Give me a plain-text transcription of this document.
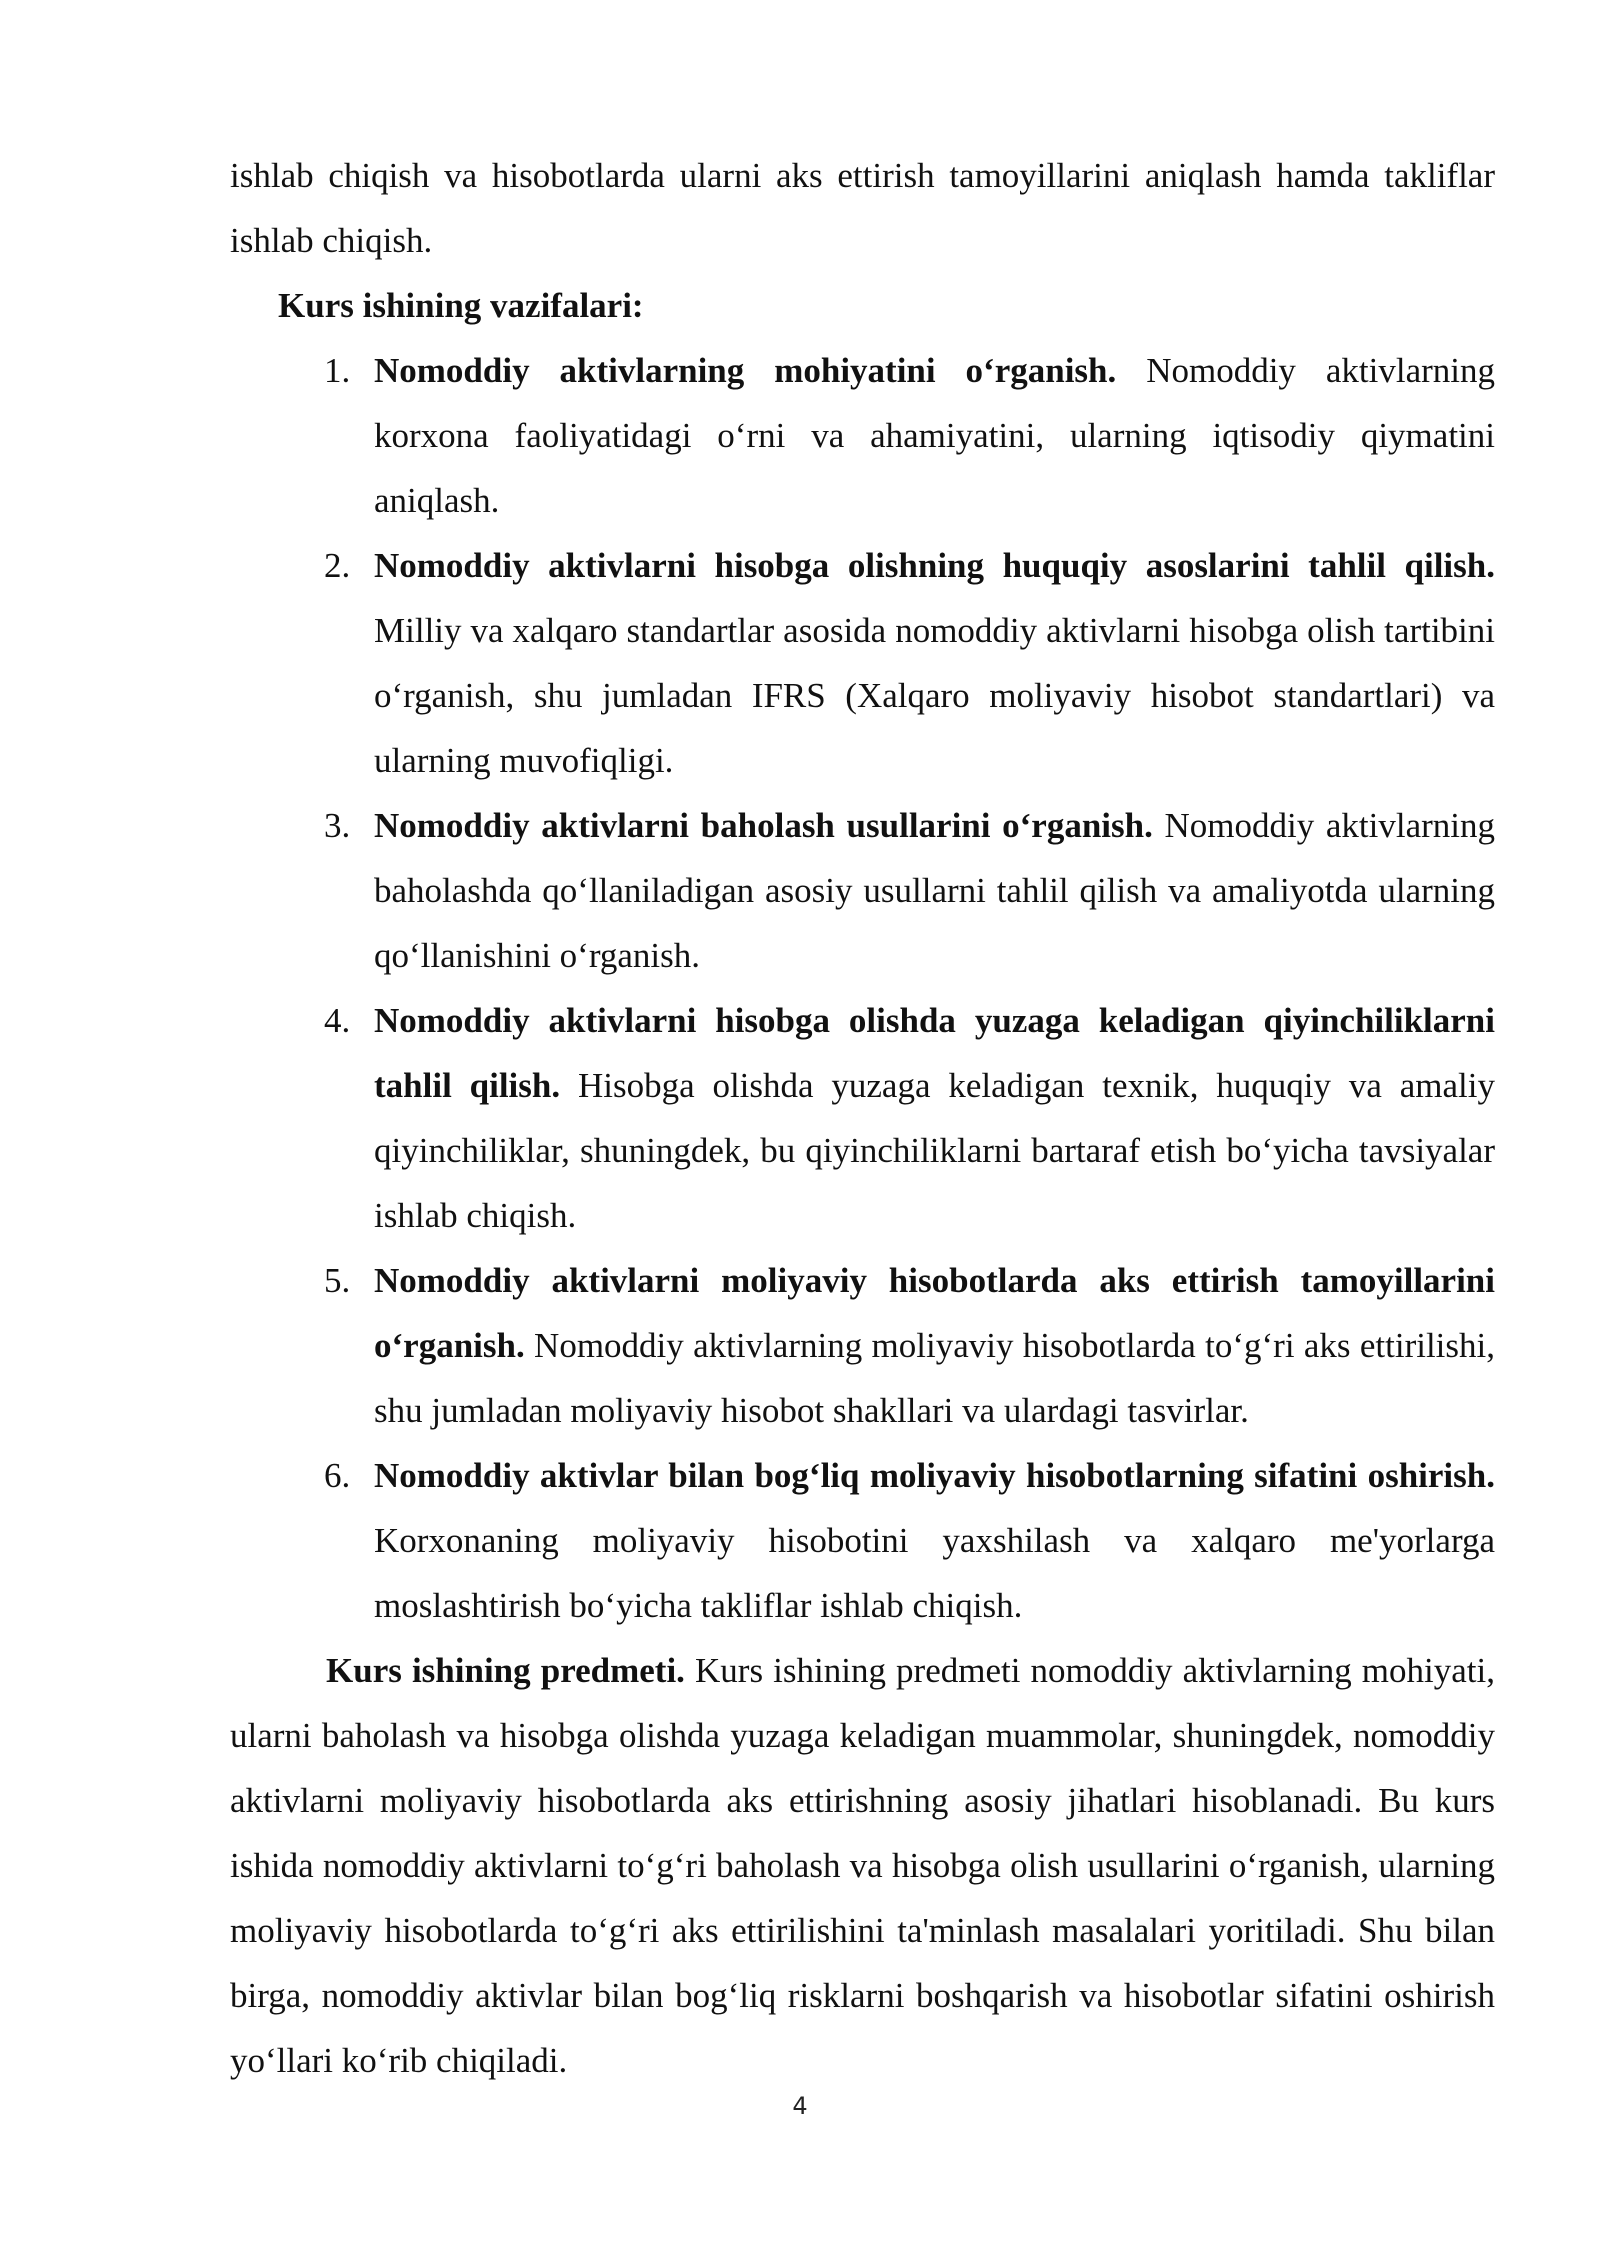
ishlab chiqish va hisobotlarda ularni aks ettirish tamoyillarini aniqlash hamda takliflar ishlab chiqish.

Kurs ishining vazifalari:

1. Nomoddiy aktivlarning mohiyatini o‘rganish. Nomoddiy aktivlarning korxona faoliyatidagi o‘rni va ahamiyatini, ularning iqtisodiy qiymatini aniqlash.
2. Nomoddiy aktivlarni hisobga olishning huquqiy asoslarini tahlil qilish. Milliy va xalqaro standartlar asosida nomoddiy aktivlarni hisobga olish tartibini o‘rganish, shu jumladan IFRS (Xalqaro moliyaviy hisobot standartlari) va ularning muvofiqligi.
3. Nomoddiy aktivlarni baholash usullarini o‘rganish. Nomoddiy aktivlarning baholashda qo‘llaniladigan asosiy usullarni tahlil qilish va amaliyotda ularning qo‘llanishini o‘rganish.
4. Nomoddiy aktivlarni hisobga olishda yuzaga keladigan qiyinchiliklarni tahlil qilish. Hisobga olishda yuzaga keladigan texnik, huquqiy va amaliy qiyinchiliklar, shuningdek, bu qiyinchiliklarni bartaraf etish bo‘yicha tavsiyalar ishlab chiqish.
5. Nomoddiy aktivlarni moliyaviy hisobotlarda aks ettirish tamoyillarini o‘rganish. Nomoddiy aktivlarning moliyaviy hisobotlarda to‘g‘ri aks ettirilishi, shu jumladan moliyaviy hisobot shakllari va ulardagi tasvirlar.
6. Nomoddiy aktivlar bilan bog‘liq moliyaviy hisobotlarning sifatini oshirish. Korxonaning moliyaviy hisobotini yaxshilash va xalqaro me'yorlarga moslashtirish bo‘yicha takliflar ishlab chiqish.

Kurs ishining predmeti. Kurs ishining predmeti nomoddiy aktivlarning mohiyati, ularni baholash va hisobga olishda yuzaga keladigan muammolar, shuningdek, nomoddiy aktivlarni moliyaviy hisobotlarda aks ettirishning asosiy jihatlari hisoblanadi. Bu kurs ishida nomoddiy aktivlarni to‘g‘ri baholash va hisobga olish usullarini o‘rganish, ularning moliyaviy hisobotlarda to‘g‘ri aks ettirilishini ta'minlash masalalari yoritiladi. Shu bilan birga, nomoddiy aktivlar bilan bog‘liq risklarni boshqarish va hisobotlar sifatini oshirish yo‘llari ko‘rib chiqiladi.

4
